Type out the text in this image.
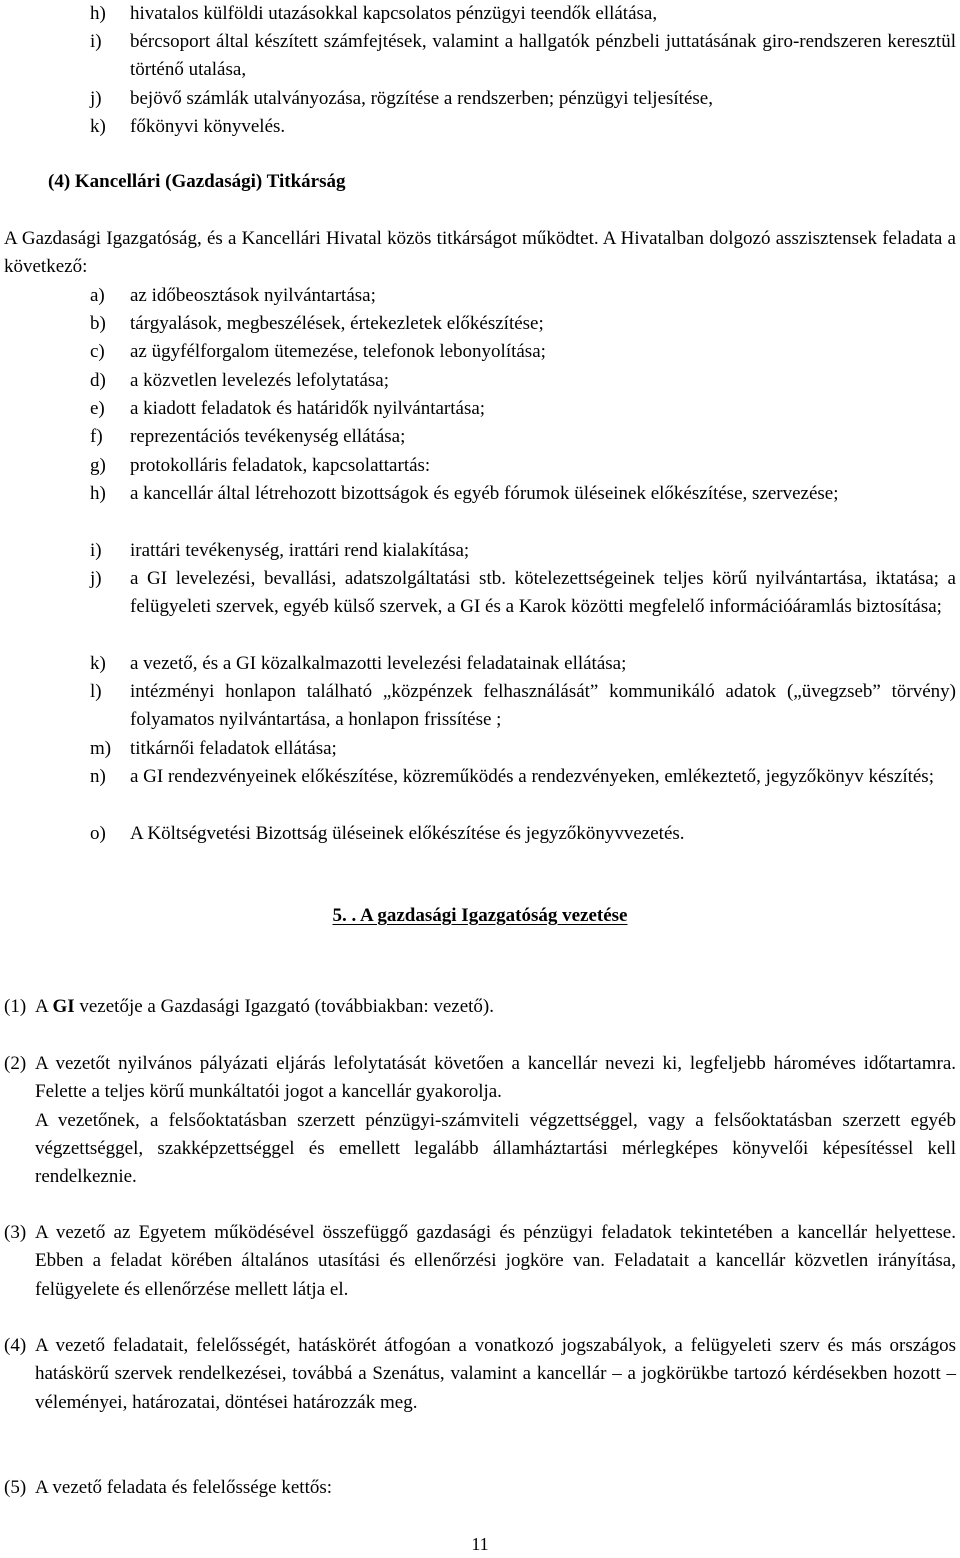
h)	hivatalos külföldi utazásokkal kapcsolatos pénzügyi teendők ellátása,
i)	bércsoport által készített számfejtések, valamint a hallgatók pénzbeli juttatásának giro-rendszeren keresztül történő utalása,
j)	bejövő számlák utalványozása, rögzítése a rendszerben; pénzügyi teljesítése,
k)	főkönyvi könyvelés.
(4) Kancellári (Gazdasági) Titkárság
A Gazdasági Igazgatóság, és a Kancellári Hivatal közös titkárságot működtet. A Hivatalban dolgozó asszisztensek feladata a következő:
a)	az időbeosztások nyilvántartása;
b)	tárgyalások, megbeszélések, értekezletek előkészítése;
c)	az ügyfélforgalom ütemezése, telefonok lebonyolítása;
d)	a közvetlen levelezés lefolytatása;
e)	a kiadott feladatok és határidők nyilvántartása;
f)	reprezentációs tevékenység ellátása;
g)	protokolláris feladatok, kapcsolattartás:
h)	a kancellár által létrehozott bizottságok és egyéb fórumok üléseinek előkészítése, szervezése;
i)	irattári tevékenység, irattári rend kialakítása;
j)	a GI levelezési, bevallási, adatszolgáltatási stb. kötelezettségeinek teljes körű nyilvántartása, iktatása; a felügyeleti szervek, egyéb külső szervek, a GI és a Karok közötti megfelelő információáramlás biztosítása;
k)	a vezető, és a GI közalkalmazotti levelezési feladatainak ellátása;
l)	intézményi honlapon található „közpénzek felhasználását” kommunikáló adatok („üvegzseb” törvény) folyamatos nyilvántartása, a honlapon frissítése ;
m) titkárnői feladatok ellátása;
n)	a GI rendezvényeinek előkészítése, közreműködés a rendezvényeken, emlékeztető, jegyzőkönyv készítés;
o)	A Költségvetési Bizottság üléseinek előkészítése és jegyzőkönyvvezetés.
5. . A gazdasági Igazgatóság vezetése
(1) A GI vezetője a Gazdasági Igazgató (továbbiakban: vezető).
(2) A vezetőt nyilvános pályázati eljárás lefolytatását követően a kancellár nevezi ki, legfeljebb hároméves időtartamra. Felette a teljes körű munkáltatói jogot a kancellár gyakorolja.
A vezetőnek, a felsőoktatásban szerzett pénzügyi-számviteli végzettséggel, vagy a felsőoktatásban szerzett egyéb végzettséggel, szakképzettséggel és emellett legalább államháztartási mérlegképes könyvelői képesítéssel kell rendelkeznie.
(3) A vezető az Egyetem működésével összefüggő gazdasági és pénzügyi feladatok tekintetében a kancellár helyettese. Ebben a feladat körében általános utasítási és ellenőrzési jogköre van. Feladatait a kancellár közvetlen irányítása, felügyelete és ellenőrzése mellett látja el.
(4) A vezető feladatait, felelősségét, hatáskörét átfogóan a vonatkozó jogszabályok, a felügyeleti szerv és más országos hatáskörű szervek rendelkezései, továbbá a Szenátus, valamint a kancellár – a jogkörükbe tartozó kérdésekben hozott – véleményei, határozatai, döntései határozzák meg.
(5) A vezető feladata és felelőssége kettős:
11
